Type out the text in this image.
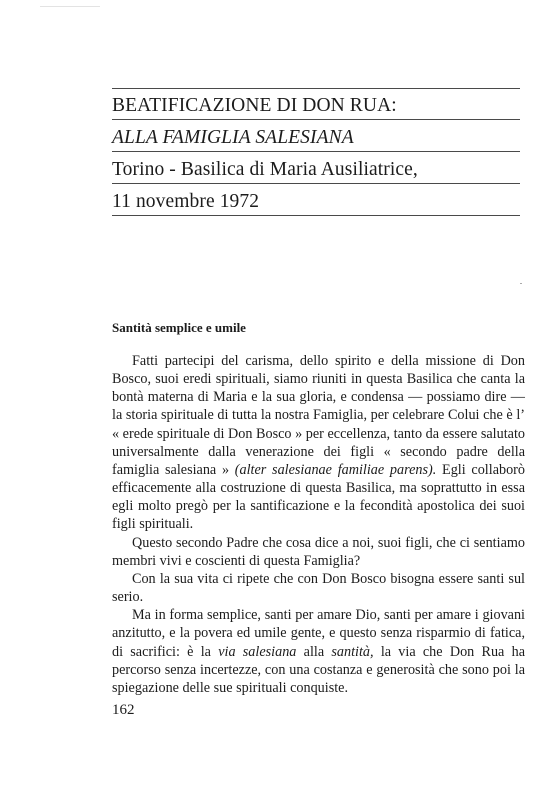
BEATIFICAZIONE DI DON RUA:
ALLA FAMIGLIA SALESIANA
Torino - Basilica di Maria Ausiliatrice,
11 novembre 1972
Santità semplice e umile

Fatti partecipi del carisma, dello spirito e della missione di Don Bosco, suoi eredi spirituali, siamo riuniti in questa Basilica che canta la bontà materna di Maria e la sua gloria, e condensa — possiamo dire — la storia spirituale di tutta la nostra Famiglia, per celebrare Colui che è l’ « erede spirituale di Don Bosco » per eccellenza, tanto da essere salutato universalmente dalla venerazione dei figli « secondo padre della famiglia salesiana » (alter salesianae familiae parens). Egli collaborò efficacemente alla costruzione di questa Basilica, ma soprattutto in essa egli molto pregò per la santificazione e la fecondità apostolica dei suoi figli spirituali.

Questo secondo Padre che cosa dice a noi, suoi figli, che ci sentiamo membri vivi e coscienti di questa Famiglia?

Con la sua vita ci ripete che con Don Bosco bisogna essere santi sul serio.

Ma in forma semplice, santi per amare Dio, santi per amare i giovani anzitutto, e la povera ed umile gente, e questo senza risparmio di fatica, di sacrifici: è la via salesiana alla santità, la via che Don Rua ha percorso senza incertezze, con una costanza e generosità che sono poi la spiegazione delle sue spirituali conquiste.

162
